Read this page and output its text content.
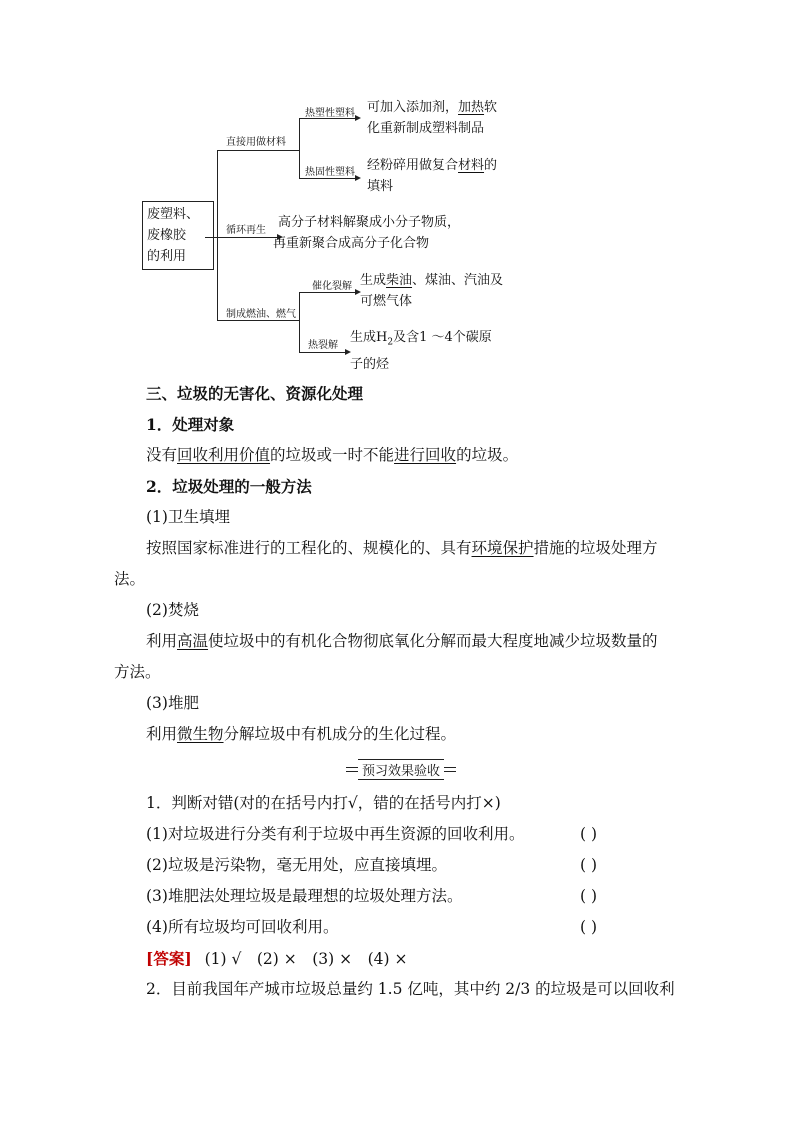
废塑料、
废橡胶
的利用
直接用做材料
热塑性塑料 可加入添加剂，加热软
化重新制成塑料制品
热固性塑料 经粉碎用做复合材料的
填料
循环再生
高分子材料解聚成小分子物质，
再重新聚合成高分子化合物
制成燃油、燃气
催化裂解 生成柴油、煤油、汽油及
可燃气体
热裂解
生成$H_2$及含1 ～4个碳原
子的烃
三、垃圾的无害化、资源化处理
1．处理对象
没有回收利用价值的垃圾或一时不能进行回收的垃圾。
2．垃圾处理的一般方法
(1)卫生填埋
按照国家标准进行的工程化的、规模化的、具有环境保护措施的垃圾处理方
法。
(2)焚烧
利用高温使垃圾中的有机化合物彻底氧化分解而最大程度地减少垃圾数量的
方法。
(3)堆肥
利用微生物分解垃圾中有机成分的生化过程。
预习效果验收
1．判断对错(对的在括号内打√，错的在括号内打×)
(1)对垃圾进行分类有利于垃圾中再生资源的回收利用。	( )
(2)垃圾是污染物，毫无用处，应直接填埋。	( )
(3)堆肥法处理垃圾是最理想的垃圾处理方法。	( )
(4)所有垃圾均可回收利用。	( )
[答案] (1) √　(2) ×　(3) ×　(4) ×
2．目前我国年产城市垃圾总量约 1.5 亿吨，其中约 2/3 的垃圾是可以回收利
